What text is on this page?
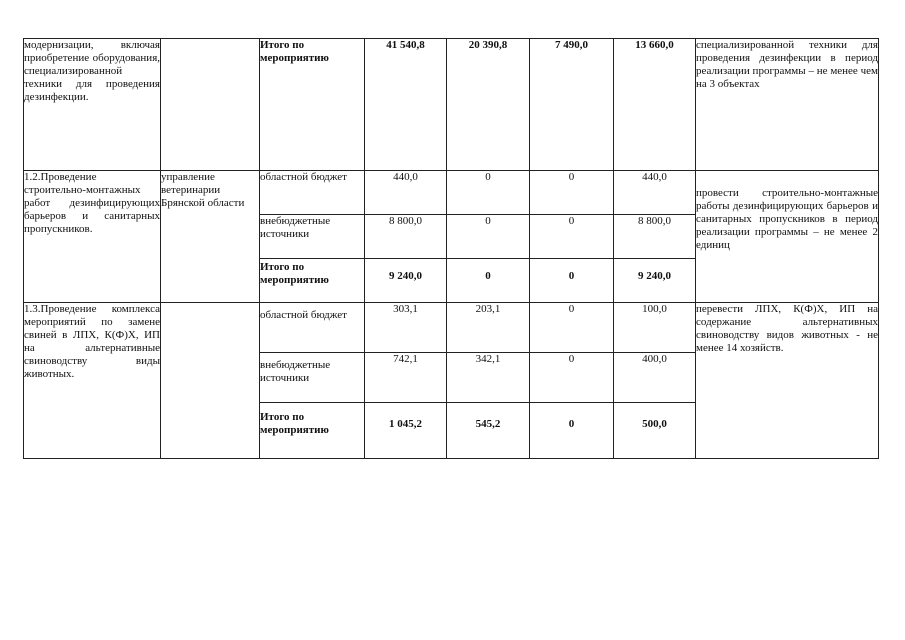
модернизации, включая приобретение оборудования, специализированной техники для проведения дезинфекции.		Итого по мероприятию	41 540,8	20 390,8	7 490,0	13 660,0	специализированной техники для проведения дезинфекции в период реализации программы – не менее чем на 3 объектах
1.2.Проведение строительно-монтажных работ дезинфицирующих барьеров и санитарных пропускников.	управление ветеринарии Брянской области	областной бюджет	440,0	0	0	440,0	провести строительно-монтажные работы дезинфицирующих барьеров и санитарных пропускников в период реализации программы – не менее 2 единиц
		внебюджетные источники	8 800,0	0	0	8 800,0	
		Итого по мероприятию	9 240,0	0	0	9 240,0	
1.3.Проведение комплекса мероприятий по замене свиней в ЛПХ, К(Ф)Х, ИП на альтернативные свиноводству виды животных.		областной бюджет	303,1	203,1	0	100,0	перевести ЛПХ, К(Ф)Х, ИП на содержание альтернативных свиноводству видов животных - не менее 14 хозяйств.
		внебюджетные источники	742,1	342,1	0	400,0	
		Итого по мероприятию	1 045,2	545,2	0	500,0	
